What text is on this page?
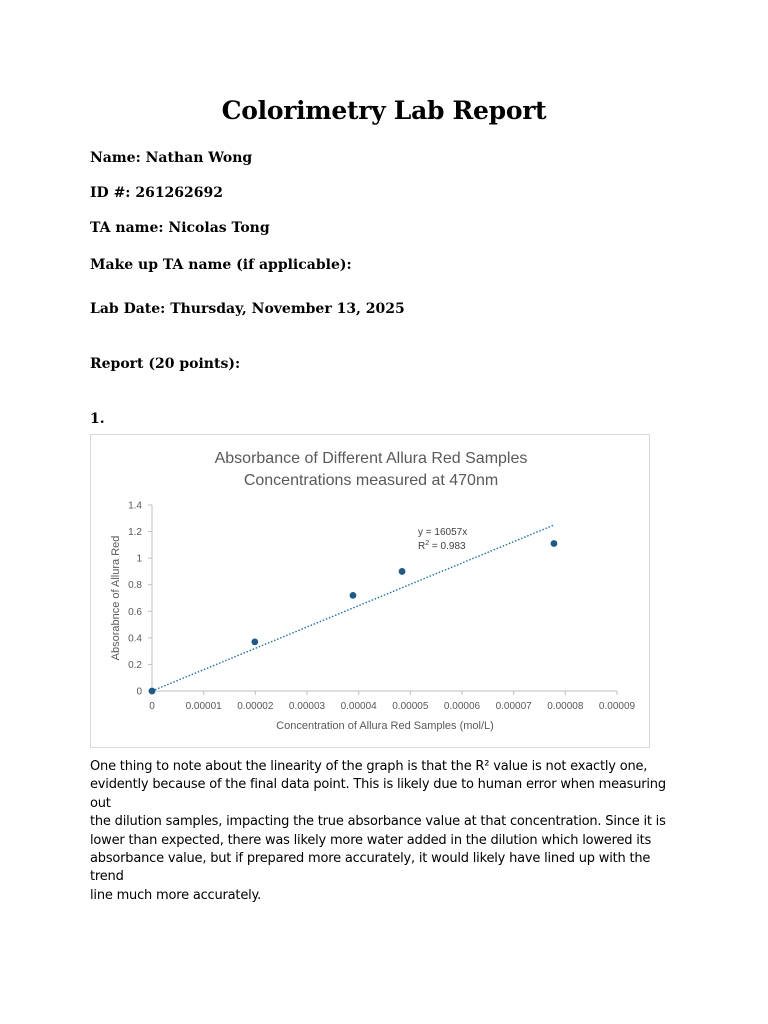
Colorimetry Lab Report
Name: Nathan Wong
ID #: 261262692
TA name: Nicolas Tong
Make up TA name (if applicable):
Lab Date: Thursday, November 13, 2025
Report (20 points):
1.
Absorbance of Different Allura Red Samples
Concentrations measured at 470nm
Concentration of Allura Red Samples (mol/L)
Absorabnce of Allura Red
0	0.00001 0.00002 0.00003 0.00004 0.00005 0.00006 0.00007 0.00008 0.00009
0
0.2
0.4
0.6
0.8
1
1.2
1.4
y = 16057x
$R^2 = 0.983$

One thing to note about the linearity of the graph is that the R² value is not exactly one,

evidently because of the final data point. This is likely due to human error when measuring out

the dilution samples, impacting the true absorbance value at that concentration. Since it is

lower than expected, there was likely more water added in the dilution which lowered its

absorbance value, but if prepared more accurately, it would likely have lined up with the trend

line much more accurately.
